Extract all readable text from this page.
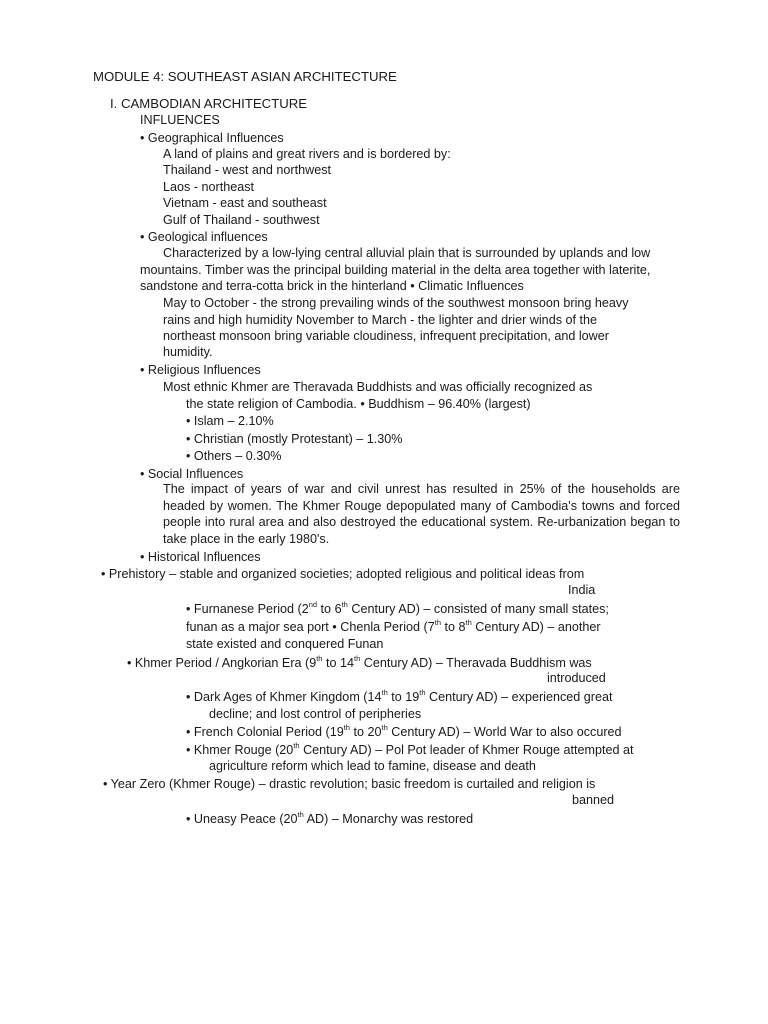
MODULE 4: SOUTHEAST ASIAN ARCHITECTURE
I. CAMBODIAN ARCHITECTURE
INFLUENCES
• Geographical Influences
A land of plains and great rivers and is bordered by:
Thailand - west and northwest
Laos - northeast
Vietnam - east and southeast
Gulf of Thailand - southwest
• Geological influences
Characterized by a low-lying central alluvial plain that is surrounded by uplands and low
mountains. Timber was the principal building material in the delta area together with laterite,
sandstone and terra-cotta brick in the hinterland • Climatic Influences
May to October - the strong prevailing winds of the southwest monsoon bring heavy
rains and high humidity November to March - the lighter and drier winds of the
northeast monsoon bring variable cloudiness, infrequent precipitation, and lower
humidity.
• Religious Influences
Most ethnic Khmer are Theravada Buddhists and was officially recognized as
the state religion of Cambodia. • Buddhism – 96.40% (largest)
• Islam – 2.10%
• Christian (mostly Protestant) – 1.30%
• Others – 0.30%
• Social Influences
The impact of years of war and civil unrest has resulted in 25% of the households are headed by women. The Khmer Rouge depopulated many of Cambodia's towns and forced people into rural area and also destroyed the educational system. Re-urbanization began to take place in the early 1980's.
• Historical Influences
• Prehistory – stable and organized societies; adopted religious and political ideas from
India
• Furnanese Period (2nd to 6th Century AD) – consisted of many small states;
funan as a major sea port • Chenla Period (7th to 8th Century AD) – another
state existed and conquered Funan
• Khmer Period / Angkorian Era (9th to 14th Century AD) – Theravada Buddhism was
introduced
• Dark Ages of Khmer Kingdom (14th to 19th Century AD) – experienced great
decline; and lost control of peripheries
• French Colonial Period (19th to 20th Century AD) – World War to also occured
• Khmer Rouge (20th Century AD) – Pol Pot leader of Khmer Rouge attempted at
agriculture reform which lead to famine, disease and death
• Year Zero (Khmer Rouge) – drastic revolution; basic freedom is curtailed and religion is
banned
• Uneasy Peace (20th AD) – Monarchy was restored
